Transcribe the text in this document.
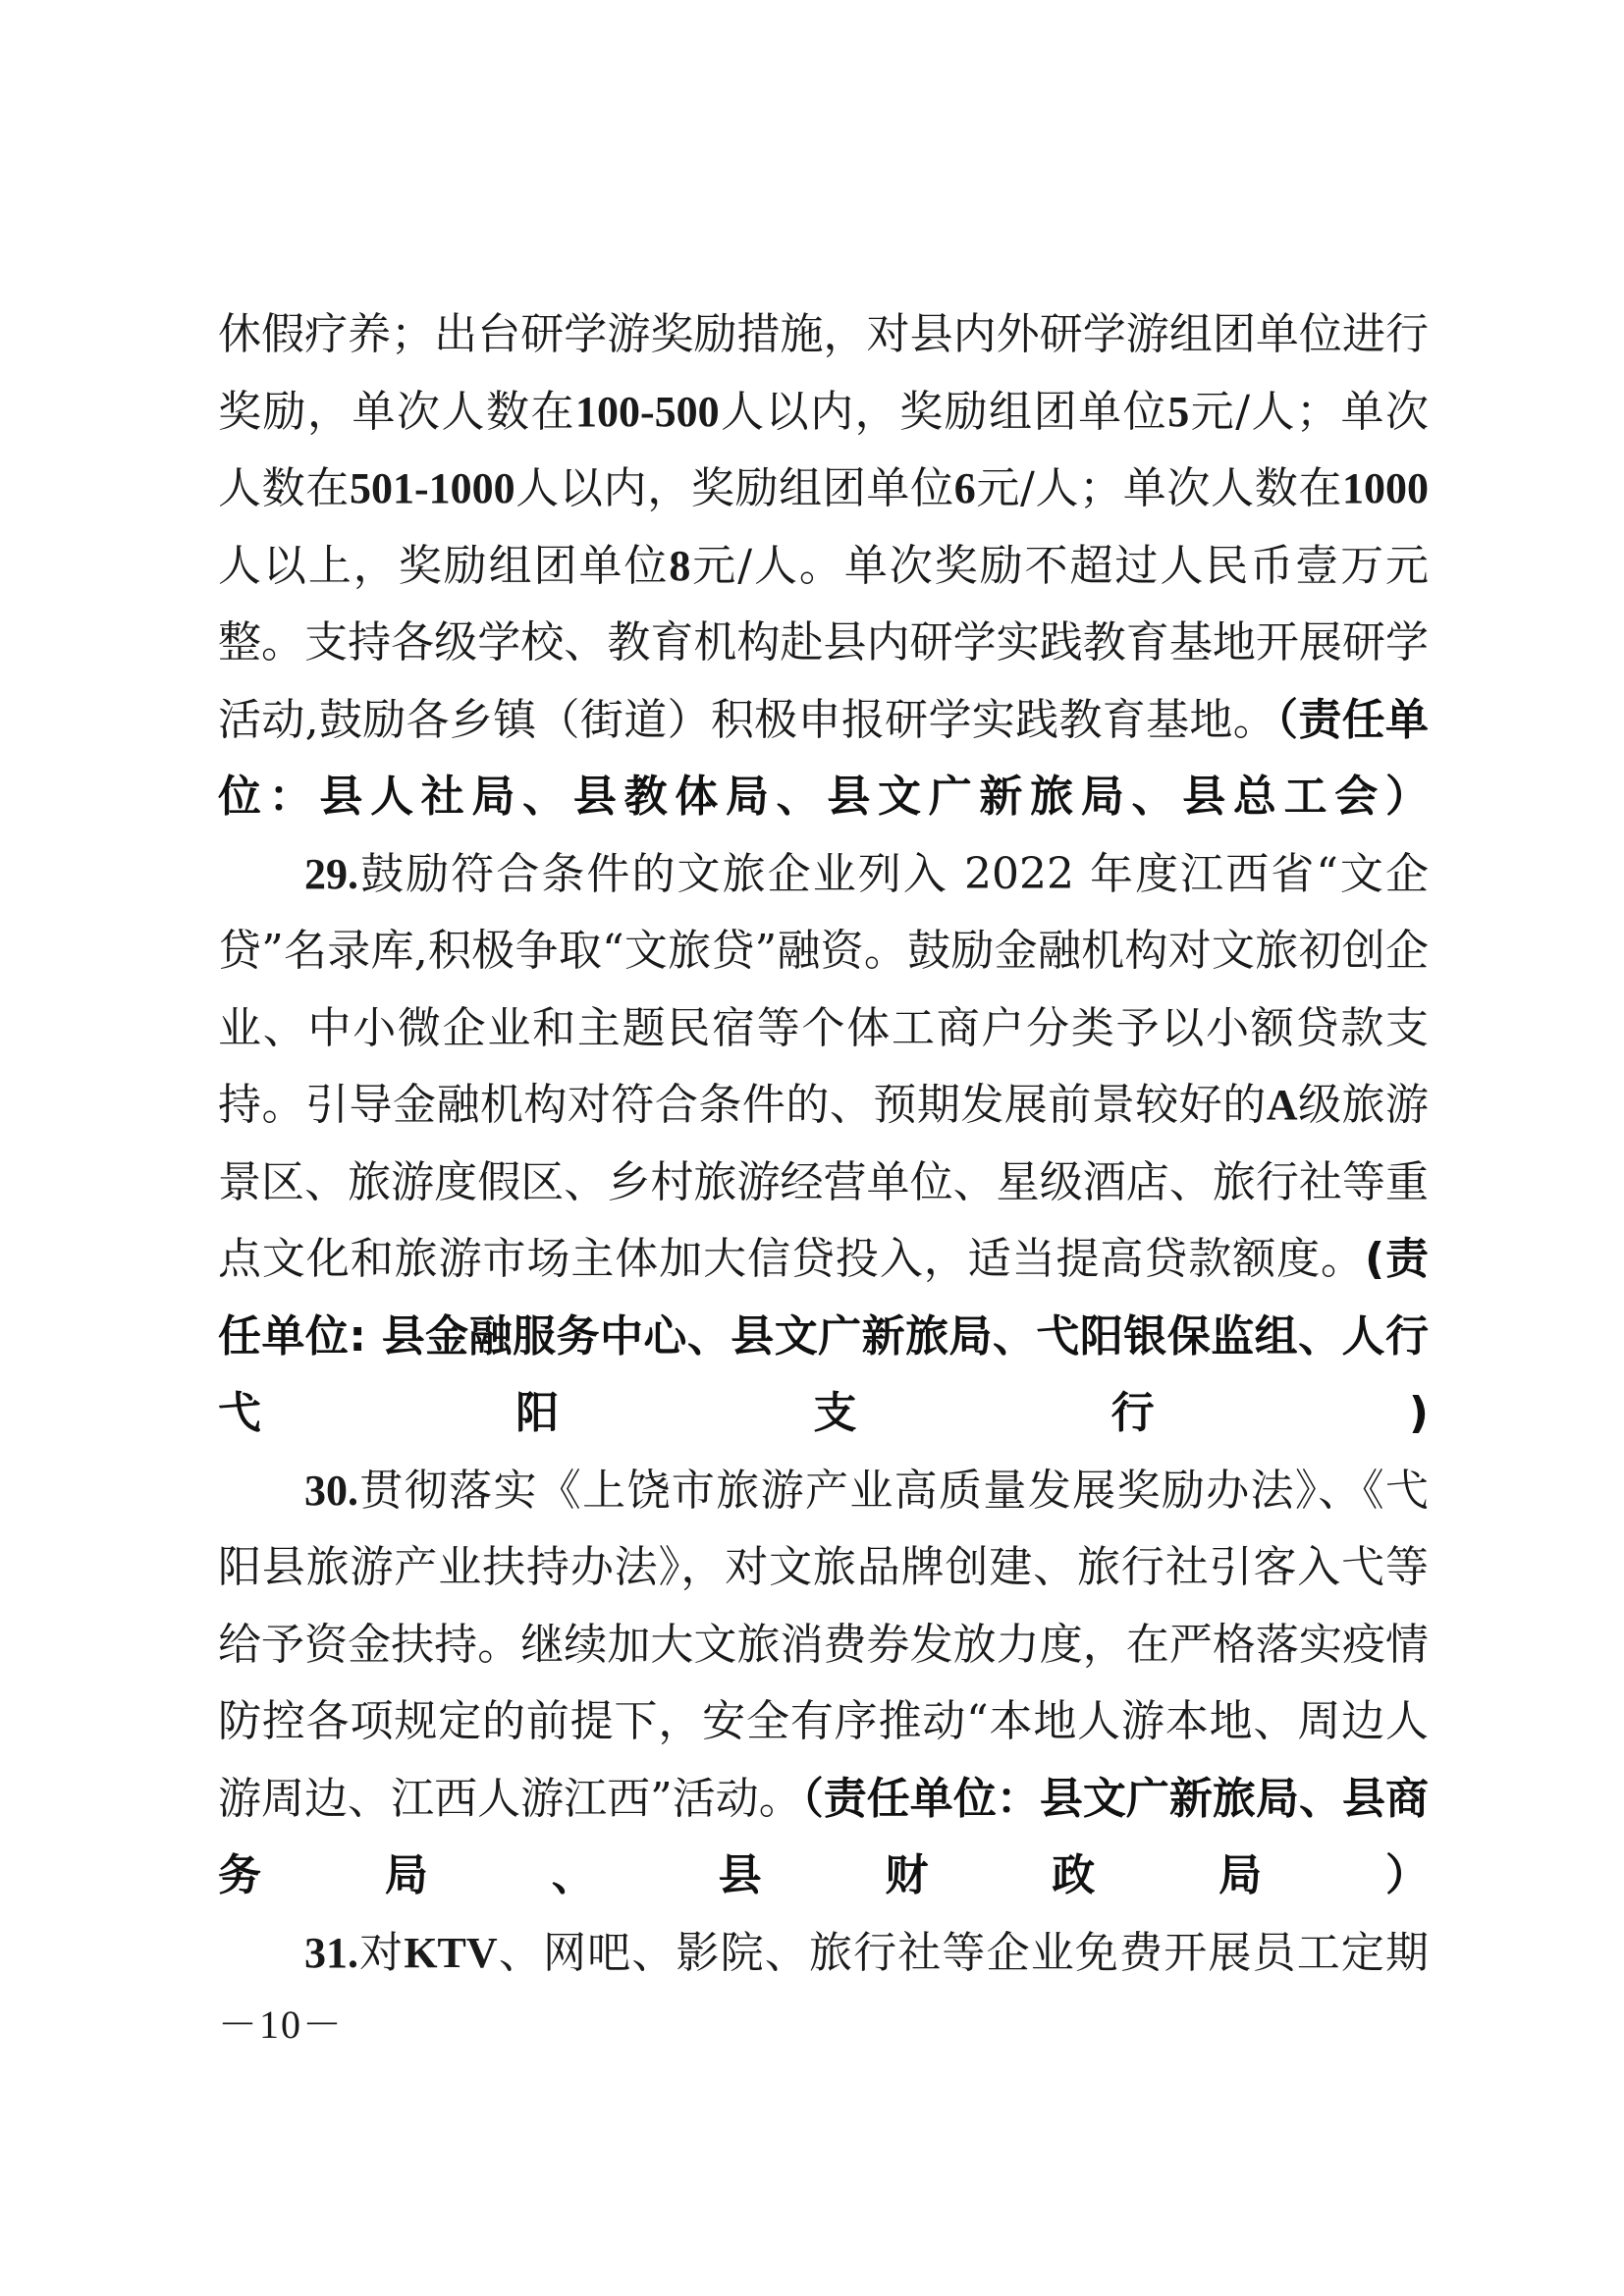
休假疗养；出台研学游奖励措施，对县内外研学游组团单位进行奖励，单次人数在100-500人以内，奖励组团单位5元/人；单次人数在501-1000人以内，奖励组团单位6元/人；单次人数在1000人以上，奖励组团单位8元/人。单次奖励不超过人民币壹万元整。支持各级学校、教育机构赴县内研学实践教育基地开展研学活动,鼓励各乡镇（街道）积极申报研学实践教育基地。（责任单位：县人社局、县教体局、县文广新旅局、县总工会）

29.鼓励符合条件的文旅企业列入 2022 年度江西省“文企贷”名录库,积极争取“文旅贷”融资。鼓励金融机构对文旅初创企业、中小微企业和主题民宿等个体工商户分类予以小额贷款支持。引导金融机构对符合条件的、预期发展前景较好的A级旅游景区、旅游度假区、乡村旅游经营单位、星级酒店、旅行社等重点文化和旅游市场主体加大信贷投入，适当提高贷款额度。(责任单位: 县金融服务中心、县文广新旅局、弋阳银保监组、人行弋阳支行)

30.贯彻落实《上饶市旅游产业高质量发展奖励办法》、《弋阳县旅游产业扶持办法》，对文旅品牌创建、旅行社引客入弋等给予资金扶持。继续加大文旅消费券发放力度，在严格落实疫情防控各项规定的前提下，安全有序推动“本地人游本地、周边人游周边、江西人游江西”活动。（责任单位：县文广新旅局、县商务局、县财政局）

31.对KTV、网吧、影院、旅行社等企业免费开展员工定期

－10－
